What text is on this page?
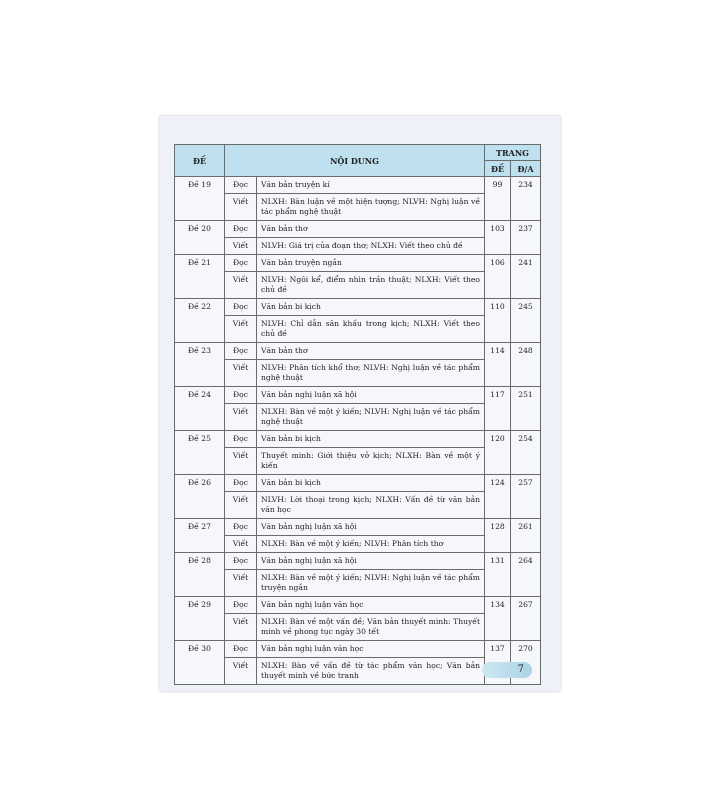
ĐỀ	NỘI DUNG		TRANG	
			ĐỀ	Đ/A
Đề 19	Đọc	Văn bản truyện kí	99	234
	Viết	NLXH: Bàn luận về một hiện tượng; NLVH: Nghị luận về tác phẩm nghệ thuật		
Đề 20	Đọc	Văn bản thơ	103	237
	Viết	NLVH: Giá trị của đoạn thơ; NLXH: Viết theo chủ đề		
Đề 21	Đọc	Văn bản truyện ngắn	106	241
	Viết	NLVH: Ngôi kể, điểm nhìn trần thuật; NLXH: Viết theo chủ đề		
Đề 22	Đọc	Văn bản bi kịch	110	245
	Viết	NLVH: Chỉ dẫn sân khấu trong kịch; NLXH: Viết theo chủ đề		
Đề 23	Đọc	Văn bản thơ	114	248
	Viết	NLVH: Phân tích khổ thơ; NLVH: Nghị luận về tác phẩm nghệ thuật		
Đề 24	Đọc	Văn bản nghị luận xã hội	117	251
	Viết	NLXH: Bàn về một ý kiến; NLVH: Nghị luận về tác phẩm nghệ thuật		
Đề 25	Đọc	Văn bản bi kịch	120	254
	Viết	Thuyết minh: Giới thiệu vở kịch; NLXH: Bàn về một ý kiến		
Đề 26	Đọc	Văn bản bi kịch	124	257
	Viết	NLVH: Lời thoại trong kịch; NLXH: Vấn đề từ văn bản văn học		
Đề 27	Đọc	Văn bản nghị luận xã hội	128	261
	Viết	NLXH: Bàn về một ý kiến; NLVH: Phân tích thơ		
Đề 28	Đọc	Văn bản nghị luận xã hội	131	264
	Viết	NLXH: Bàn về một ý kiến; NLVH: Nghị luận về tác phẩm truyện ngắn		
Đề 29	Đọc	Văn bản nghị luận văn học	134	267
	Viết	NLXH: Bàn về một vấn đề; Văn bản thuyết minh: Thuyết minh về phong tục ngày 30 tết		
Đề 30	Đọc	Văn bản nghị luận văn học	137	270
	Viết	NLXH: Bàn về vấn đề từ tác phẩm văn học; Văn bản thuyết minh về bức tranh		
7
